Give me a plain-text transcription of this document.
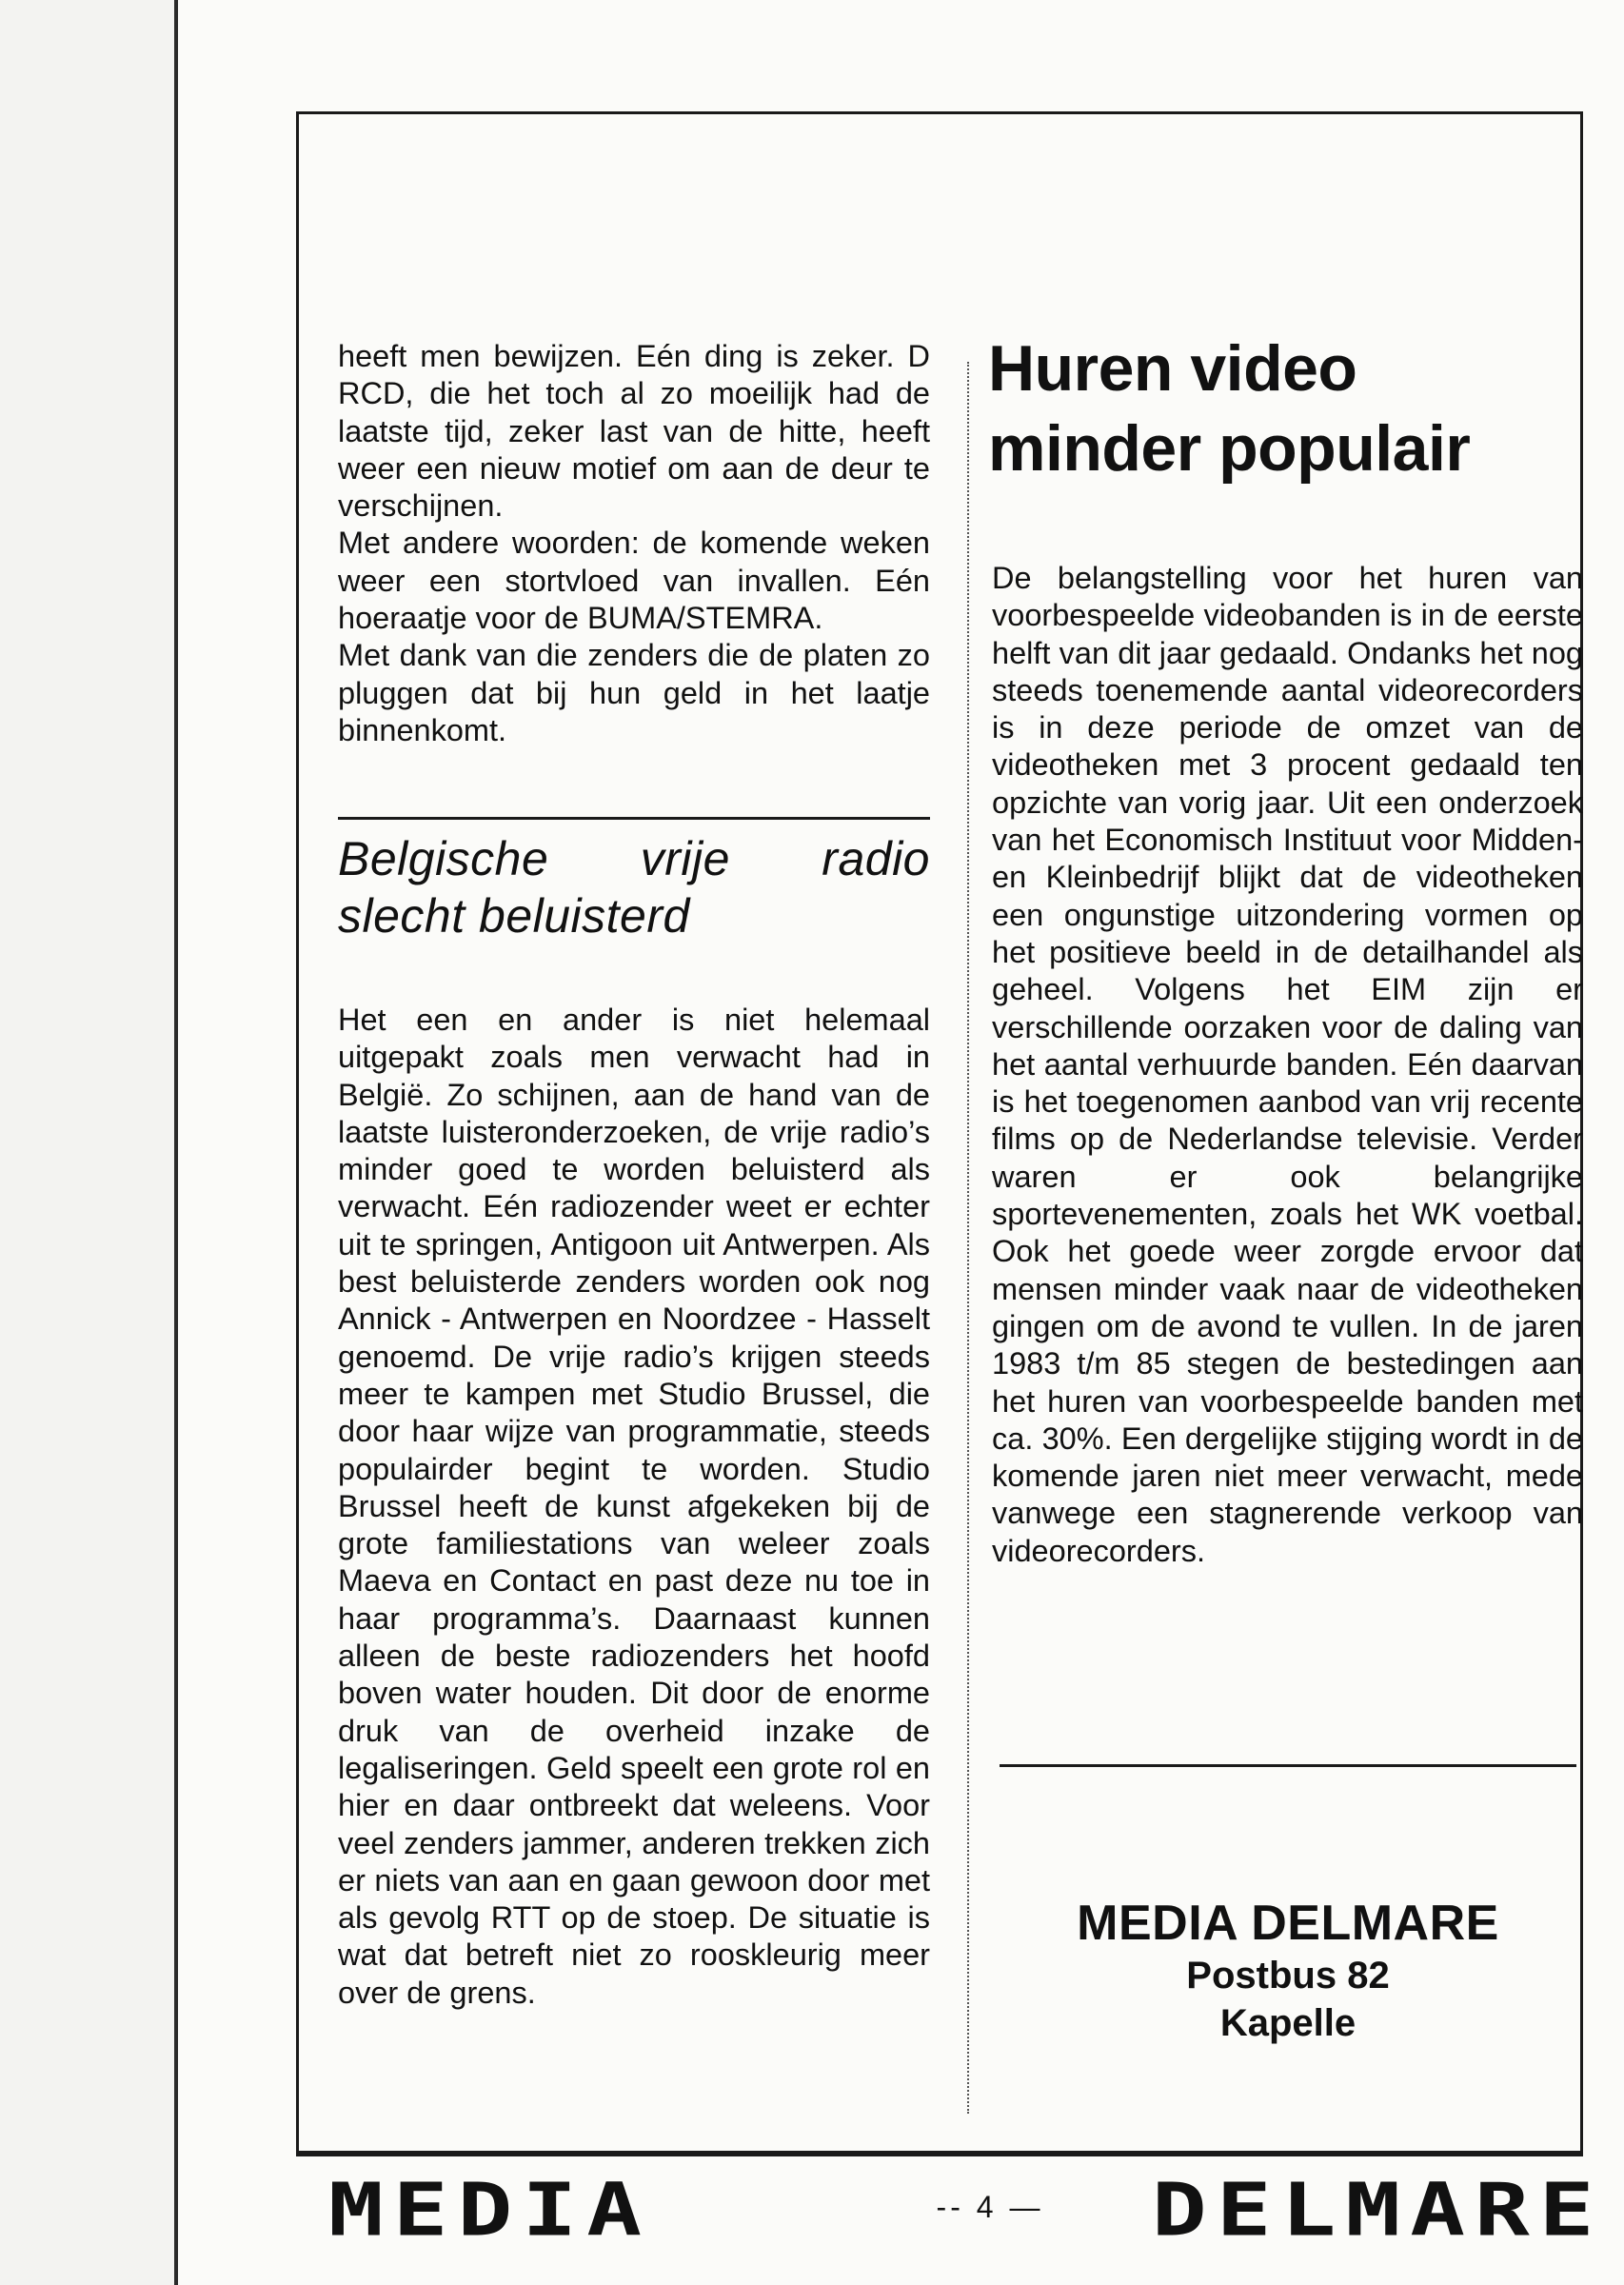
heeft men bewijzen. Eén ding is zeker. D RCD, die het toch al zo moeilijk had de laatste tijd, zeker last van de hitte, heeft weer een nieuw motief om aan de deur te verschijnen.

Met andere woorden: de komende weken weer een stortvloed van invallen. Eén hoeraatje voor de BUMA/STEMRA.

Met dank van die zenders die de platen zo pluggen dat bij hun geld in het laatje binnenkomt.

Belgische vrije radio
slecht beluisterd

Het een en ander is niet helemaal uitgepakt zoals men verwacht had in België. Zo schijnen, aan de hand van de laatste luisteronderzoeken, de vrije radio’s minder goed te worden beluisterd als verwacht. Eén radiozender weet er echter uit te springen, Antigoon uit Antwerpen. Als best beluisterde zenders worden ook nog Annick - Antwerpen en Noordzee - Hasselt genoemd. De vrije radio’s krijgen steeds meer te kampen met Studio Brussel, die door haar wijze van programmatie, steeds populairder begint te worden. Studio Brussel heeft de kunst afgekeken bij de grote familiestations van weleer zoals Maeva en Contact en past deze nu toe in haar programma’s. Daarnaast kunnen alleen de beste radiozenders het hoofd boven water houden. Dit door de enorme druk van de overheid inzake de legaliseringen. Geld speelt een grote rol en hier en daar ontbreekt dat weleens. Voor veel zenders jammer, anderen trekken zich er niets van aan en gaan gewoon door met als gevolg RTT op de stoep. De situatie is wat dat betreft niet zo rooskleurig meer over de grens.

Huren video
minder populair

De belangstelling voor het huren van voorbespeelde videobanden is in de eerste helft van dit jaar gedaald. Ondanks het nog steeds toenemende aantal videorecorders is in deze periode de omzet van de videotheken met 3 procent gedaald ten opzichte van vorig jaar. Uit een onderzoek van het Economisch Instituut voor Midden- en Kleinbedrijf blijkt dat de videotheken een ongunstige uitzondering vormen op het positieve beeld in de detailhandel als geheel. Volgens het EIM zijn er verschillende oorzaken voor de daling van het aantal verhuurde banden. Eén daarvan is het toegenomen aanbod van vrij recente films op de Nederlandse televisie. Verder waren er ook belangrijke sportevenementen, zoals het WK voetbal. Ook het goede weer zorgde ervoor dat mensen minder vaak naar de videotheken gingen om de avond te vullen. In de jaren 1983 t/m 85 stegen de bestedingen aan het huren van voorbespeelde banden met ca. 30%. Een dergelijke stijging wordt in de komende jaren niet meer verwacht, mede vanwege een stagnerende verkoop van videorecorders.

MEDIA DELMARE
Postbus 82
Kapelle
MEDIA	-- 4 —	DELMARE
